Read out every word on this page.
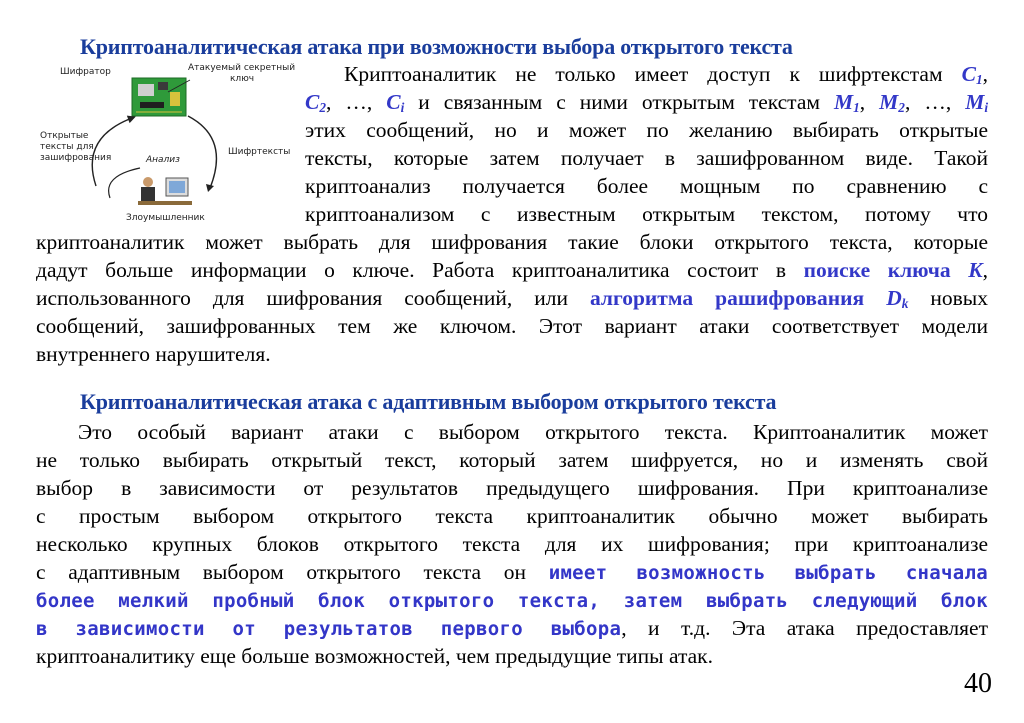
Криптоаналитическая атака при возможности выбора открытого текста
Шифратор	Атакуемый секретный
ключ
Открытые
тексты для
зашифрования
Шифртексты
Анализ
Злоумышленник
Криптоаналитик не только имеет доступ к шифртекстам $C_1$,
$C_2$, …, $C_i$ и связанным с ними открытым текстам $M_1$, $M_2$, …, $M_i$
этих сообщений, но и может по желанию выбирать открытые
тексты, которые затем получает в зашифрованном виде. Такой
криптоанализ получается более мощным по сравнению с
криптоанализом с известным открытым текстом, потому что
криптоаналитик может выбрать для шифрования такие блоки открытого текста, которые
дадут больше информации о ключе. Работа криптоаналитика состоит в поиске ключа K,
использованного для шифрования сообщений, или алгоритма рашифрования $D_k$ новых
сообщений, зашифрованных тем же ключом. Этот вариант атаки соответствует модели
внутреннего нарушителя.
Криптоаналитическая атака с адаптивным выбором открытого текста
Это особый вариант атаки с выбором открытого текста. Криптоаналитик может
не только выбирать открытый текст, который затем шифруется, но и изменять свой
выбор в зависимости от результатов предыдущего шифрования. При криптоанализе
с простым выбором открытого текста криптоаналитик обычно может выбирать
несколько крупных блоков открытого текста для их шифрования; при криптоанализе
с адаптивным выбором открытого текста он имеет возможность выбрать сначала
более мелкий пробный блок открытого текста, затем выбрать следующий блок
в зависимости от результатов первого выбора, и т.д. Эта атака предоставляет
криптоаналитику еще больше возможностей, чем предыдущие типы атак.
40
